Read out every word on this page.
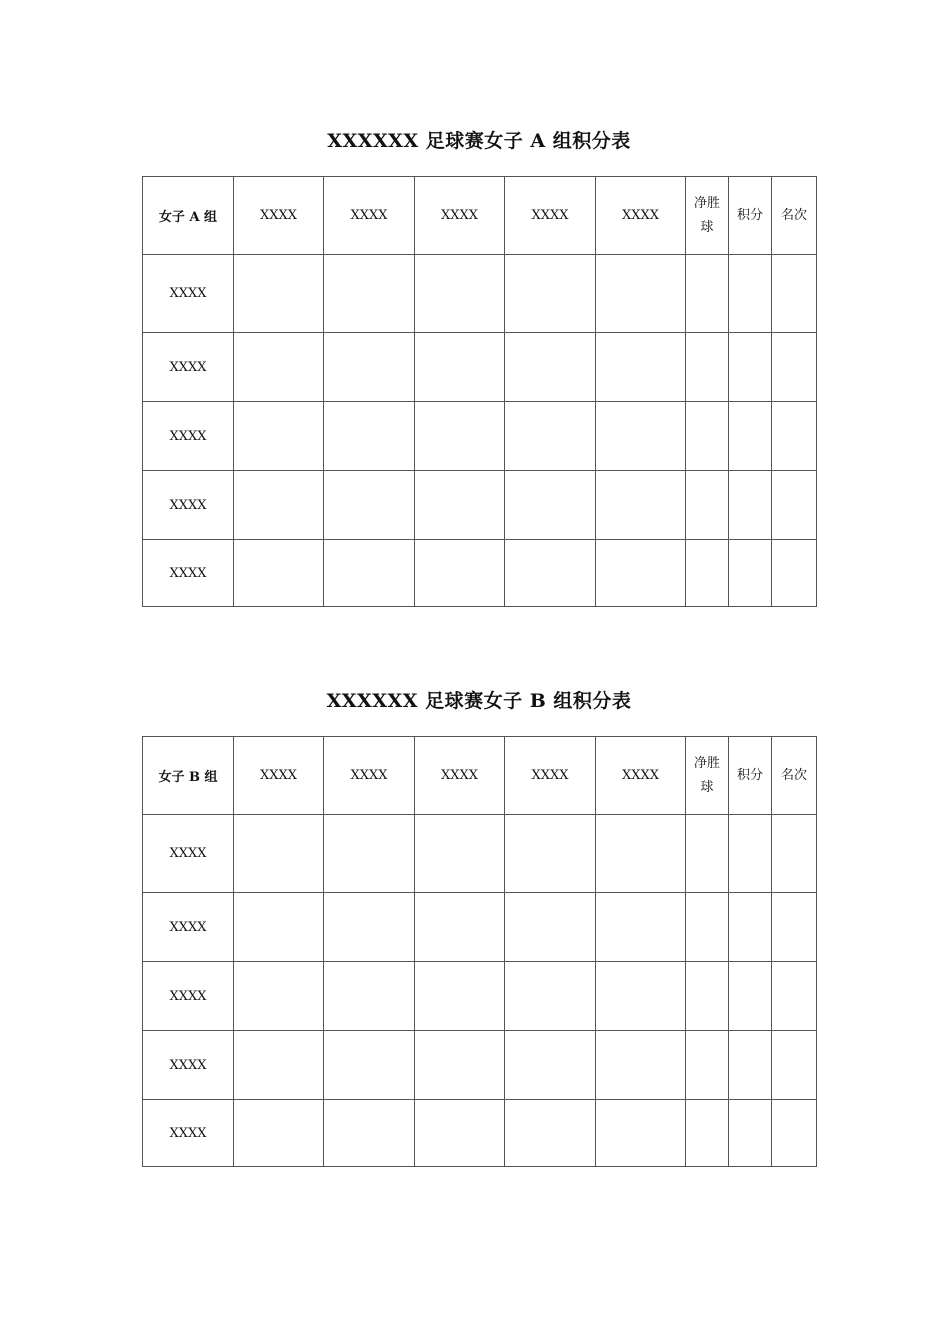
XXXXXX 足球赛女子 A 组积分表
女子 A 组	XXXX	XXXX	XXXX	XXXX	XXXX	净胜球	积分	名次
XXXX								
XXXX								
XXXX								
XXXX								
XXXX								
XXXXXX 足球赛女子 B 组积分表
女子 B 组	XXXX	XXXX	XXXX	XXXX	XXXX	净胜球	积分	名次
XXXX								
XXXX								
XXXX								
XXXX								
XXXX								
